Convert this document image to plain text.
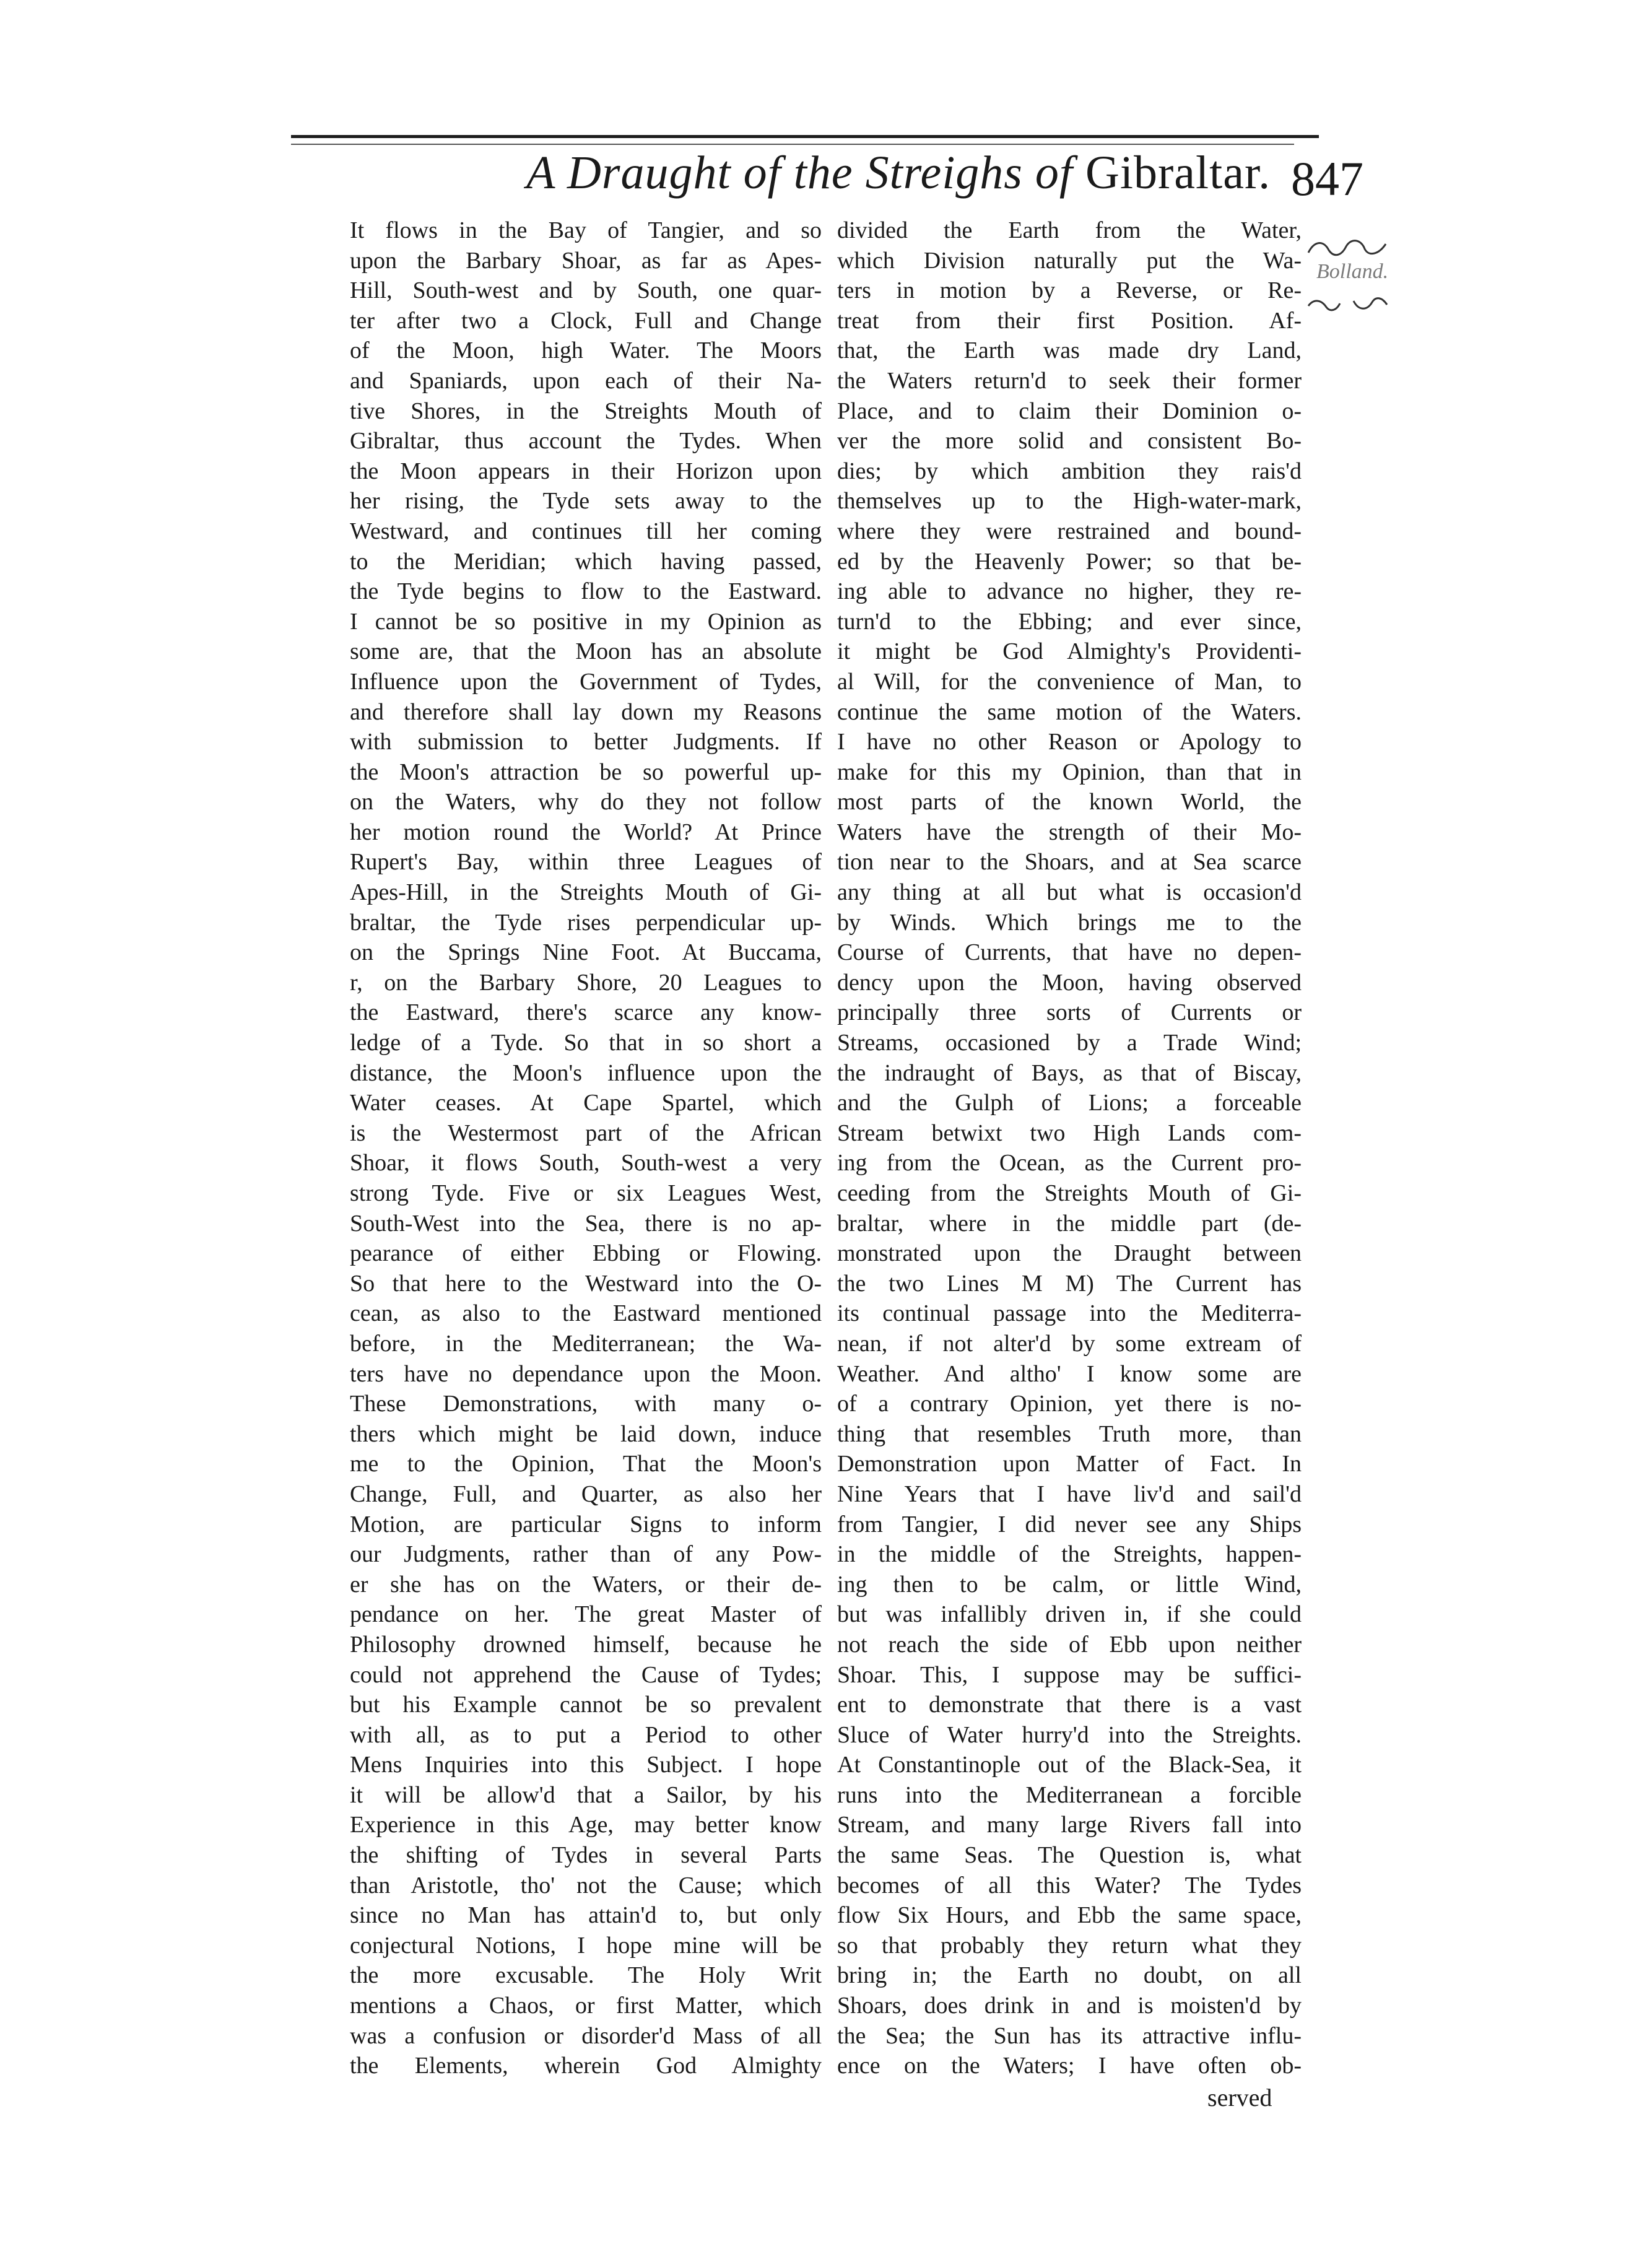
A Draught of the Streighs of Gibraltar. 847
Bolland.
It flows in the Bay of Tangier, and so
upon the Barbary Shoar, as far as Apes-
Hill, South-west and by South, one quar-
ter after two a Clock, Full and Change
of the Moon, high Water. The Moors
and Spaniards, upon each of their Na-
tive Shores, in the Streights Mouth of
Gibraltar, thus account the Tydes. When
the Moon appears in their Horizon upon
her rising, the Tyde sets away to the
Westward, and continues till her coming
to the Meridian; which having passed,
the Tyde begins to flow to the Eastward.
I cannot be so positive in my Opinion as
some are, that the Moon has an absolute
Influence upon the Government of Tydes,
and therefore shall lay down my Reasons
with submission to better Judgments. If
the Moon's attraction be so powerful up-
on the Waters, why do they not follow
her motion round the World? At Prince
Rupert's Bay, within three Leagues of
Apes-Hill, in the Streights Mouth of Gi-
braltar, the Tyde rises perpendicular up-
on the Springs Nine Foot. At Buccama,
r, on the Barbary Shore, 20 Leagues to
the Eastward, there's scarce any know-
ledge of a Tyde. So that in so short a
distance, the Moon's influence upon the
Water ceases. At Cape Spartel, which
is the Westermost part of the African
Shoar, it flows South, South-west a very
strong Tyde. Five or six Leagues West,
South-West into the Sea, there is no ap-
pearance of either Ebbing or Flowing.
So that here to the Westward into the O-
cean, as also to the Eastward mentioned
before, in the Mediterranean; the Wa-
ters have no dependance upon the Moon.
These Demonstrations, with many o-
thers which might be laid down, induce
me to the Opinion, That the Moon's
Change, Full, and Quarter, as also her
Motion, are particular Signs to inform
our Judgments, rather than of any Pow-
er she has on the Waters, or their de-
pendance on her. The great Master of
Philosophy drowned himself, because he
could not apprehend the Cause of Tydes;
but his Example cannot be so prevalent
with all, as to put a Period to other
Mens Inquiries into this Subject. I hope
it will be allow'd that a Sailor, by his
Experience in this Age, may better know
the shifting of Tydes in several Parts
than Aristotle, tho' not the Cause; which
since no Man has attain'd to, but only
conjectural Notions, I hope mine will be
the more excusable. The Holy Writ
mentions a Chaos, or first Matter, which
was a confusion or disorder'd Mass of all
the Elements, wherein God Almighty
divided the Earth from the Water,
which Division naturally put the Wa-
ters in motion by a Reverse, or Re-
treat from their first Position. Af-
that, the Earth was made dry Land,
the Waters return'd to seek their former
Place, and to claim their Dominion o-
ver the more solid and consistent Bo-
dies; by which ambition they rais'd
themselves up to the High-water-mark,
where they were restrained and bound-
ed by the Heavenly Power; so that be-
ing able to advance no higher, they re-
turn'd to the Ebbing; and ever since,
it might be God Almighty's Providenti-
al Will, for the convenience of Man, to
continue the same motion of the Waters.
I have no other Reason or Apology to
make for this my Opinion, than that in
most parts of the known World, the
Waters have the strength of their Mo-
tion near to the Shoars, and at Sea scarce
any thing at all but what is occasion'd
by Winds. Which brings me to the
Course of Currents, that have no depen-
dency upon the Moon, having observed
principally three sorts of Currents or
Streams, occasioned by a Trade Wind;
the indraught of Bays, as that of Biscay,
and the Gulph of Lions; a forceable
Stream betwixt two High Lands com-
ing from the Ocean, as the Current pro-
ceeding from the Streights Mouth of Gi-
braltar, where in the middle part (de-
monstrated upon the Draught between
the two Lines M M) The Current has
its continual passage into the Mediterra-
nean, if not alter'd by some extream of
Weather. And altho' I know some are
of a contrary Opinion, yet there is no-
thing that resembles Truth more, than
Demonstration upon Matter of Fact. In
Nine Years that I have liv'd and sail'd
from Tangier, I did never see any Ships
in the middle of the Streights, happen-
ing then to be calm, or little Wind,
but was infallibly driven in, if she could
not reach the side of Ebb upon neither
Shoar. This, I suppose may be suffici-
ent to demonstrate that there is a vast
Sluce of Water hurry'd into the Streights.
At Constantinople out of the Black-Sea, it
runs into the Mediterranean a forcible
Stream, and many large Rivers fall into
the same Seas. The Question is, what
becomes of all this Water? The Tydes
flow Six Hours, and Ebb the same space,
so that probably they return what they
bring in; the Earth no doubt, on all
Shoars, does drink in and is moisten'd by
the Sea; the Sun has its attractive influ-
ence on the Waters; I have often ob-
served
